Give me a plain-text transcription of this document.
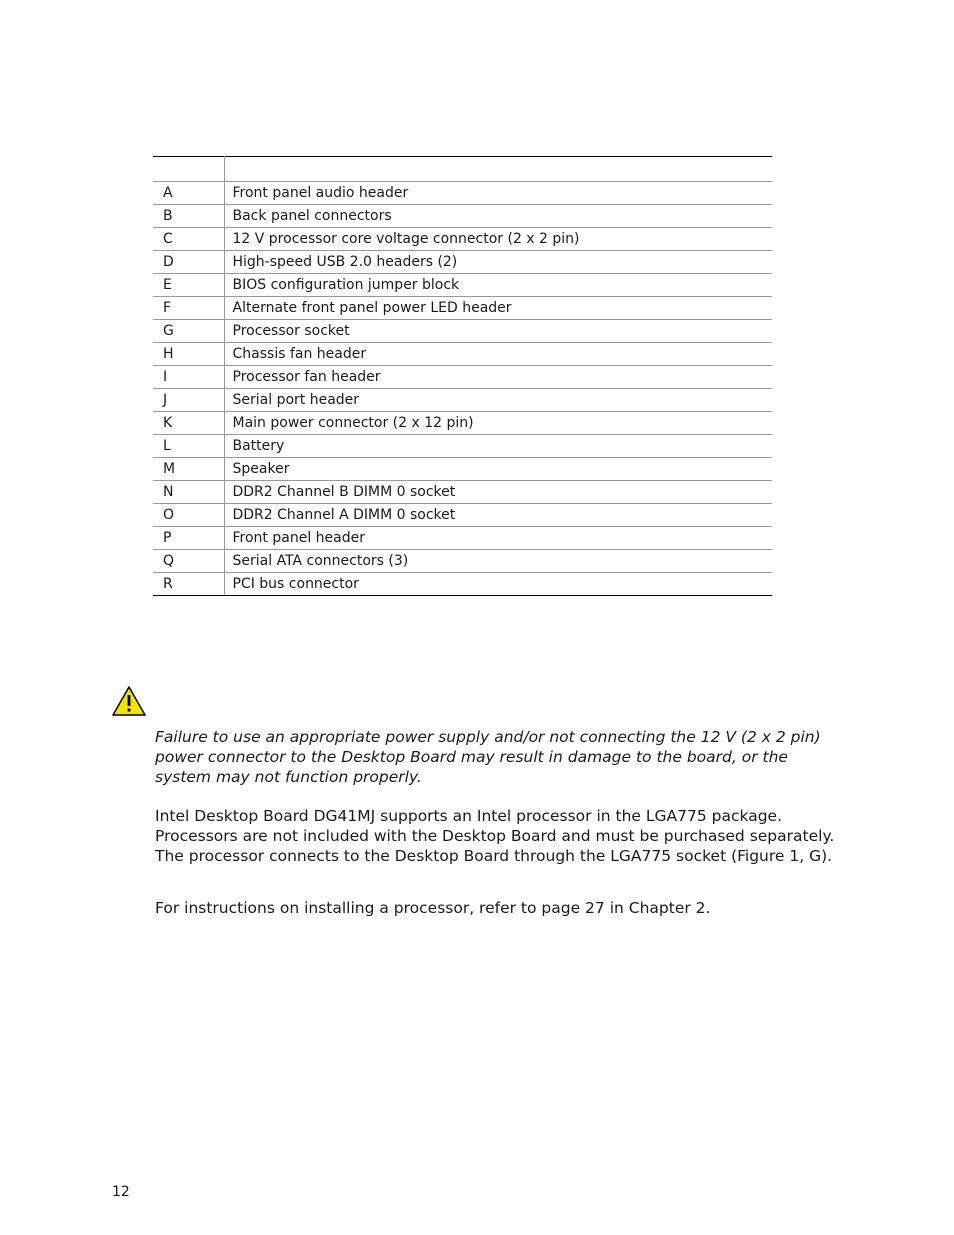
A	Front panel audio header
B	Back panel connectors
C	12 V processor core voltage connector (2 x 2 pin)
D	High-speed USB 2.0 headers (2)
E	BIOS configuration jumper block
F	Alternate front panel power LED header
G	Processor socket
H	Chassis fan header
I	Processor fan header
J	Serial port header
K	Main power connector (2 x 12 pin)
L	Battery
M	Speaker
N	DDR2 Channel B DIMM 0 socket
O	DDR2 Channel A DIMM 0 socket
P	Front panel header
Q	Serial ATA connectors (3)
R	PCI bus connector
Failure to use an appropriate power supply and/or not connecting the 12 V (2 x 2 pin) power connector to the Desktop Board may result in damage to the board, or the system may not function properly.
Intel Desktop Board DG41MJ supports an Intel processor in the LGA775 package. Processors are not included with the Desktop Board and must be purchased separately. The processor connects to the Desktop Board through the LGA775 socket (Figure 1, G).
For instructions on installing a processor, refer to page 27 in Chapter 2.
12
